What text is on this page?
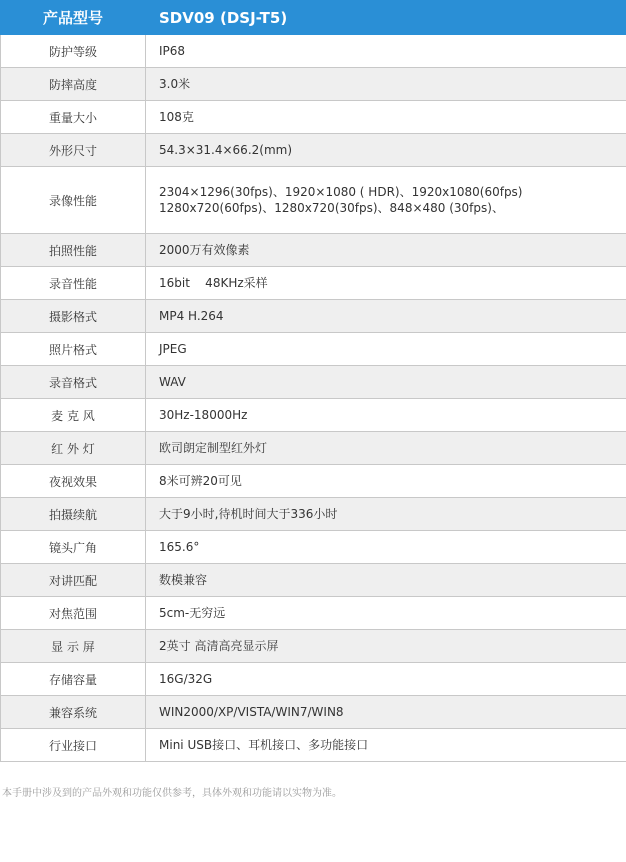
产品型号	SDV09 (DSJ-T5)
防护等级	IP68
防摔高度	3.0米
重量大小	108克
外形尺寸	54.3×31.4×66.2(mm)
录像性能	2304×1296(30fps)、1920×1080 ( HDR)、1920x1080(60fps)
1280x720(60fps)、1280x720(30fps)、848×480 (30fps)、

拍照性能	2000万有效像素
录音性能	16bit    48KHz采样
摄影格式	MP4 H.264
照片格式	JPEG
录音格式	WAV
麦 克 风	30Hz-18000Hz
红 外 灯	欧司朗定制型红外灯
夜视效果	8米可辨20可见
拍摄续航	大于9小时,待机时间大于336小时
镜头广角	165.6°
对讲匹配	数模兼容
对焦范围	5cm-无穷远
显 示 屏	2英寸 高清高亮显示屏
存储容量	16G/32G
兼容系统	WIN2000/XP/VISTA/WIN7/WIN8
行业接口	Mini USB接口、耳机接口、多功能接口
本手册中涉及到的产品外观和功能仅供参考，具体外观和功能请以实物为准。
